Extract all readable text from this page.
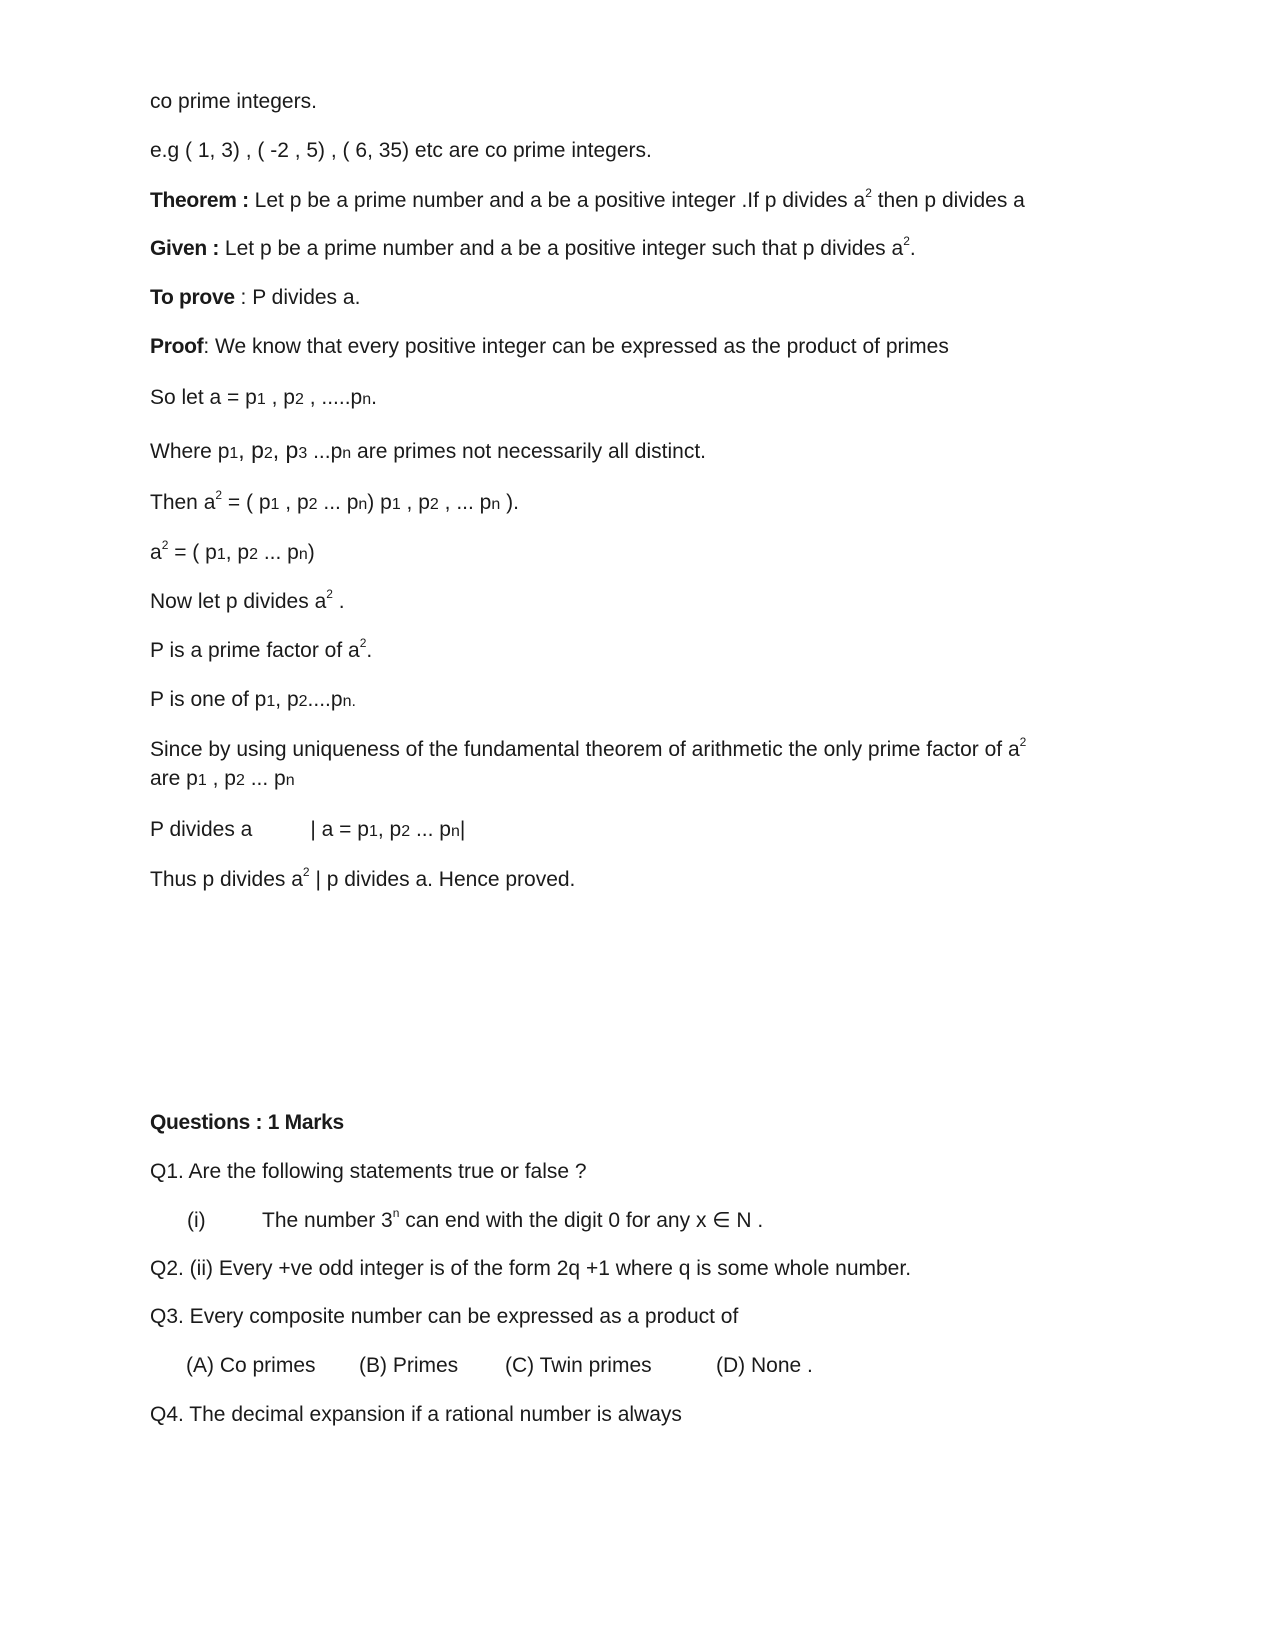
co prime integers.
e.g ( 1, 3) , ( -2 , 5) , ( 6, 35) etc are co prime integers.
Theorem : Let p be a prime number and a be a positive integer .If p divides $a^2$ then p divides a
Given : Let p be a prime number and a be a positive integer such that p divides $a^2$.
To prove : P divides a.
Proof: We know that every positive integer can be expressed as the product of primes
So let a = p1 , p2 , .....pn.
Where p1, p2, p3 ...pn are primes not necessarily all distinct.
Then $a^2$ = ( p1 , p2 ... pn) p1 , p2 , ... pn ).
$a^2$ = ( p1, p2 ... pn)
Now let p divides $a^2$ .
P is a prime factor of $a^2$.
P is one of p1, p2....pn.
Since by using uniqueness of the fundamental theorem of arithmetic the only prime factor of $a^2$
are p1 , p2 ... pn
P divides a	| a = p1, p2 ... pn|
Thus p divides $a^2$ | p divides a. Hence proved.
Questions : 1 Marks
Q1. Are the following statements true or false ?
(i)	The number 3$^n$ can end with the digit 0 for any x ∈ N .
Q2. (ii) Every +ve odd integer is of the form 2q +1 where q is some whole number.
Q3. Every composite number can be expressed as a product of
(A) Co primes (B) Primes (C) Twin primes	(D) None .
Q4. The decimal expansion if a rational number is always
